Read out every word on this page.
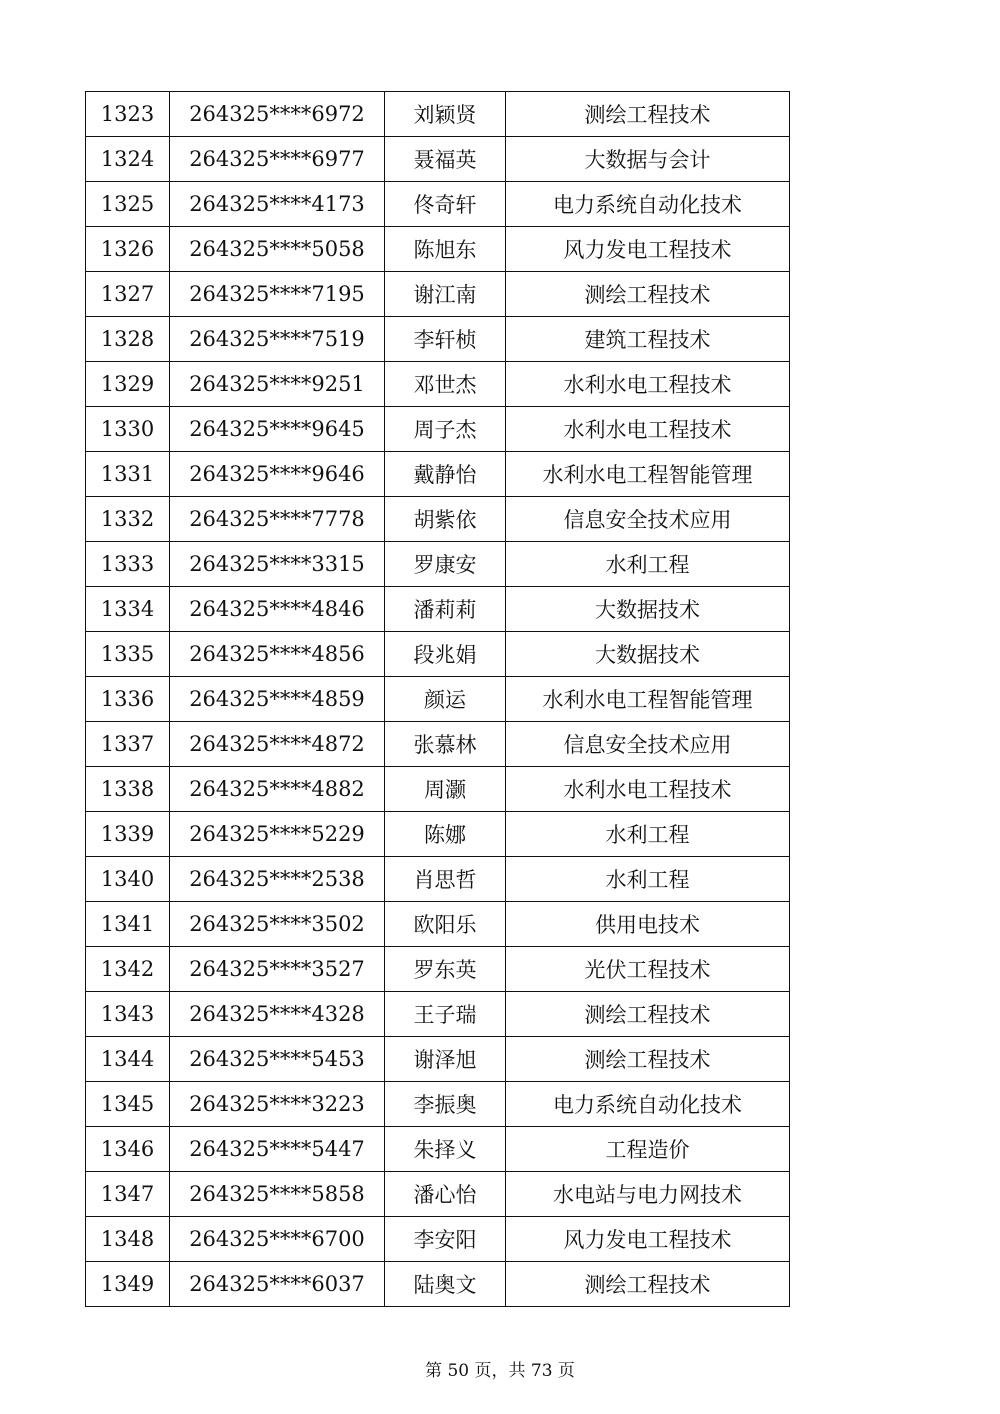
1323	264325****6972	刘颖贤	测绘工程技术
1324	264325****6977	聂福英	大数据与会计
1325	264325****4173	佟奇轩	电力系统自动化技术
1326	264325****5058	陈旭东	风力发电工程技术
1327	264325****7195	谢江南	测绘工程技术
1328	264325****7519	李轩桢	建筑工程技术
1329	264325****9251	邓世杰	水利水电工程技术
1330	264325****9645	周子杰	水利水电工程技术
1331	264325****9646	戴静怡	水利水电工程智能管理
1332	264325****7778	胡紫依	信息安全技术应用
1333	264325****3315	罗康安	水利工程
1334	264325****4846	潘莉莉	大数据技术
1335	264325****4856	段兆娟	大数据技术
1336	264325****4859	颜运	水利水电工程智能管理
1337	264325****4872	张慕林	信息安全技术应用
1338	264325****4882	周灏	水利水电工程技术
1339	264325****5229	陈娜	水利工程
1340	264325****2538	肖思哲	水利工程
1341	264325****3502	欧阳乐	供用电技术
1342	264325****3527	罗东英	光伏工程技术
1343	264325****4328	王子瑞	测绘工程技术
1344	264325****5453	谢泽旭	测绘工程技术
1345	264325****3223	李振奥	电力系统自动化技术
1346	264325****5447	朱择义	工程造价
1347	264325****5858	潘心怡	水电站与电力网技术
1348	264325****6700	李安阳	风力发电工程技术
1349	264325****6037	陆奥文	测绘工程技术
第 50 页，共 73 页
